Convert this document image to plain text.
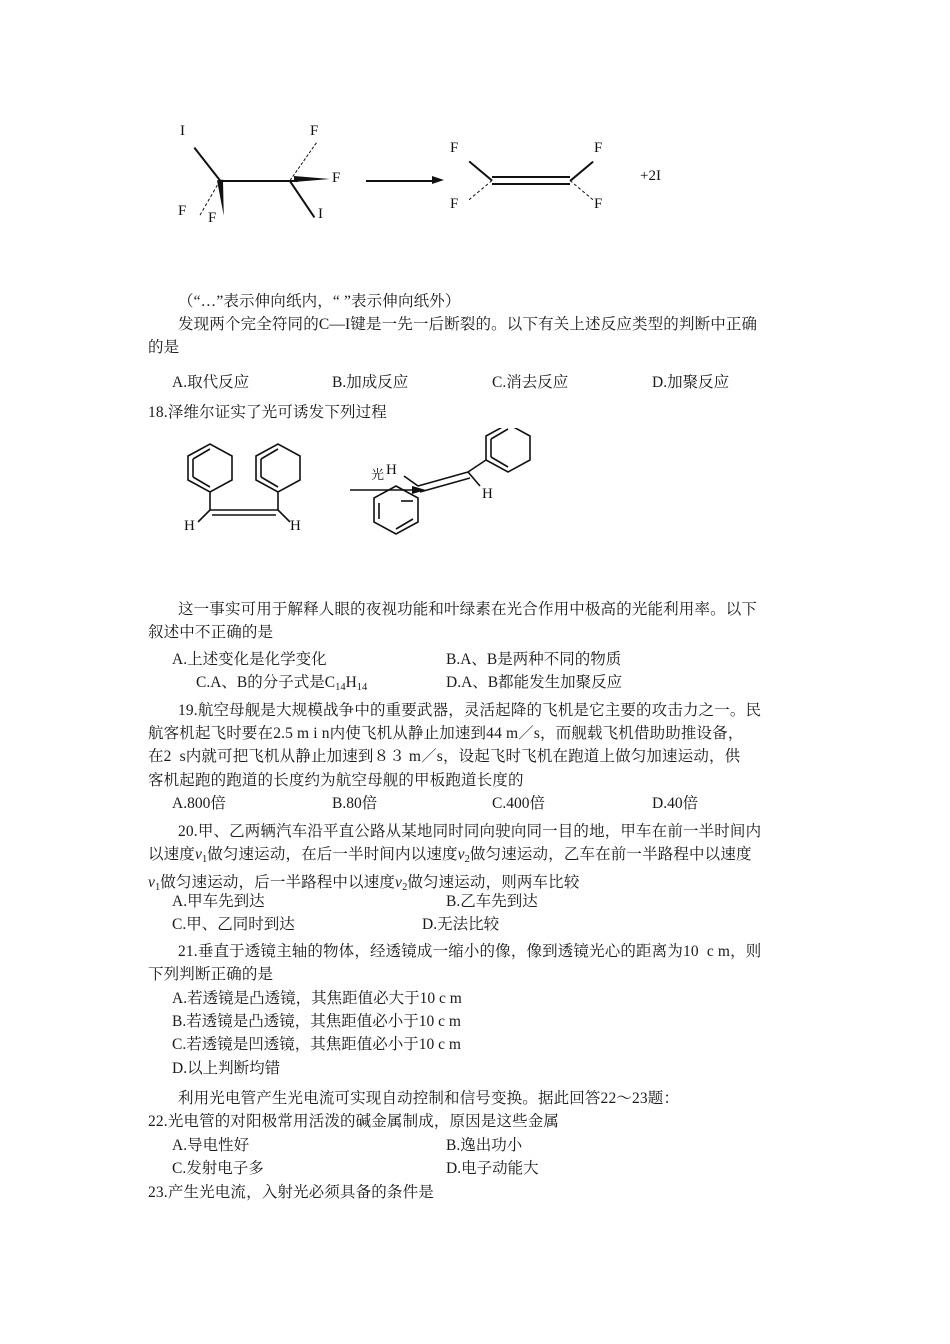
I
F F
F
I
F
F
F
F
F
+2I
（“…”表示伸向纸内，“ ”表示伸向纸外）
发现两个完全符同的C—I键是一先一后断裂的。以下有关上述反应类型的判断中正确
的是
A.取代反应	B.加成反应	C.消去反应	D.加聚反应
18.泽维尔证实了光可诱发下列过程
H	H
光 H
H
这一事实可用于解释人眼的夜视功能和叶绿素在光合作用中极高的光能利用率。以下
叙述中不正确的是
A.上述变化是化学变化	B.A、B是两种不同的物质
C.A、B的分子式是$C_{14}H_{14}$	D.A、B都能发生加聚反应
19.航空母舰是大规模战争中的重要武器，灵活起降的飞机是它主要的攻击力之一。民
航客机起飞时要在2.5 m i n内使飞机从静止加速到44 m／s，而舰载飞机借助助推设备，
在2  s内就可把飞机从静止加速到８３ m／s，设起飞时飞机在跑道上做匀加速运动，供
客机起跑的跑道的长度约为航空母舰的甲板跑道长度的
A.800倍	B.80倍	C.400倍	D.40倍
20.甲、乙两辆汽车沿平直公路从某地同时同向驶向同一目的地，甲车在前一半时间内
以速度$v_1$做匀速运动，在后一半时间内以速度$v_2$做匀速运动，乙车在前一半路程中以速度
$v_1$做匀速运动，后一半路程中以速度$v_2$做匀速运动，则两车比较
A.甲车先到达	B.乙车先到达
C.甲、乙同时到达	D.无法比较
21.垂直于透镜主轴的物体，经透镜成一缩小的像，像到透镜光心的距离为10  c m，则
下列判断正确的是
A.若透镜是凸透镜，其焦距值必大于10 c m
B.若透镜是凸透镜，其焦距值必小于10 c m
C.若透镜是凹透镜，其焦距值必小于10 c m
D.以上判断均错
利用光电管产生光电流可实现自动控制和信号变换。据此回答22～23题：
22.光电管的对阳极常用活泼的碱金属制成，原因是这些金属
A.导电性好	B.逸出功小
C.发射电子多	D.电子动能大
23.产生光电流，入射光必须具备的条件是
